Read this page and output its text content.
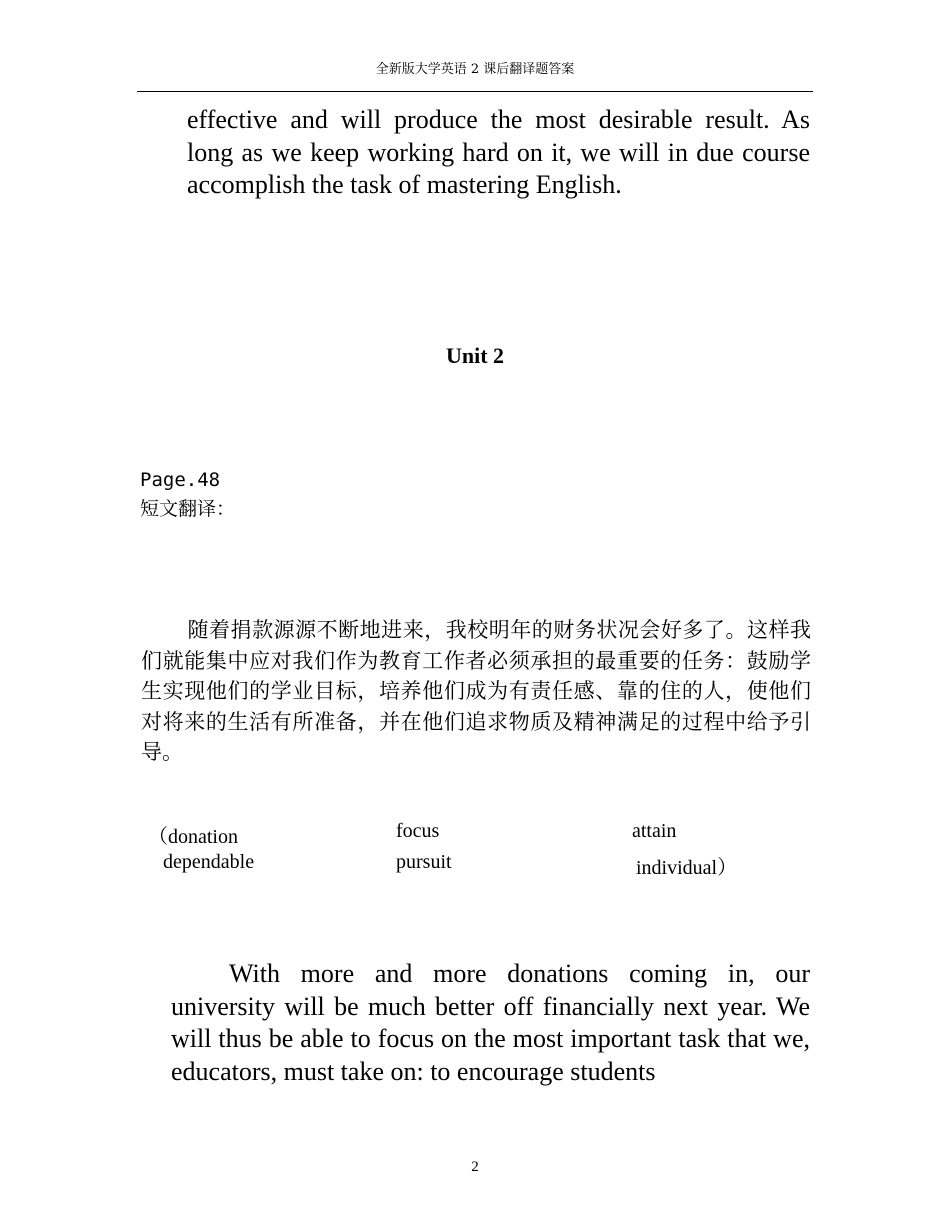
全新版大学英语 2 课后翻译题答案
effective and will produce the most desirable result. As long as we keep working hard on it, we will in due course accomplish the task of mastering English.
Unit 2
Page.48
短文翻译：
随着捐款源源不断地进来，我校明年的财务状况会好多了。这样我们就能集中应对我们作为教育工作者必须承担的最重要的任务：鼓励学生实现他们的学业目标，培养他们成为有责任感、靠的住的人，使他们对将来的生活有所准备，并在他们追求物质及精神满足的过程中给予引导。
（donation	focus	attain
dependable	pursuit	individual）
With more and more donations coming in, our university will be much better off financially next year. We will thus be able to focus on the most important task that we, educators, must take on: to encourage students
2
